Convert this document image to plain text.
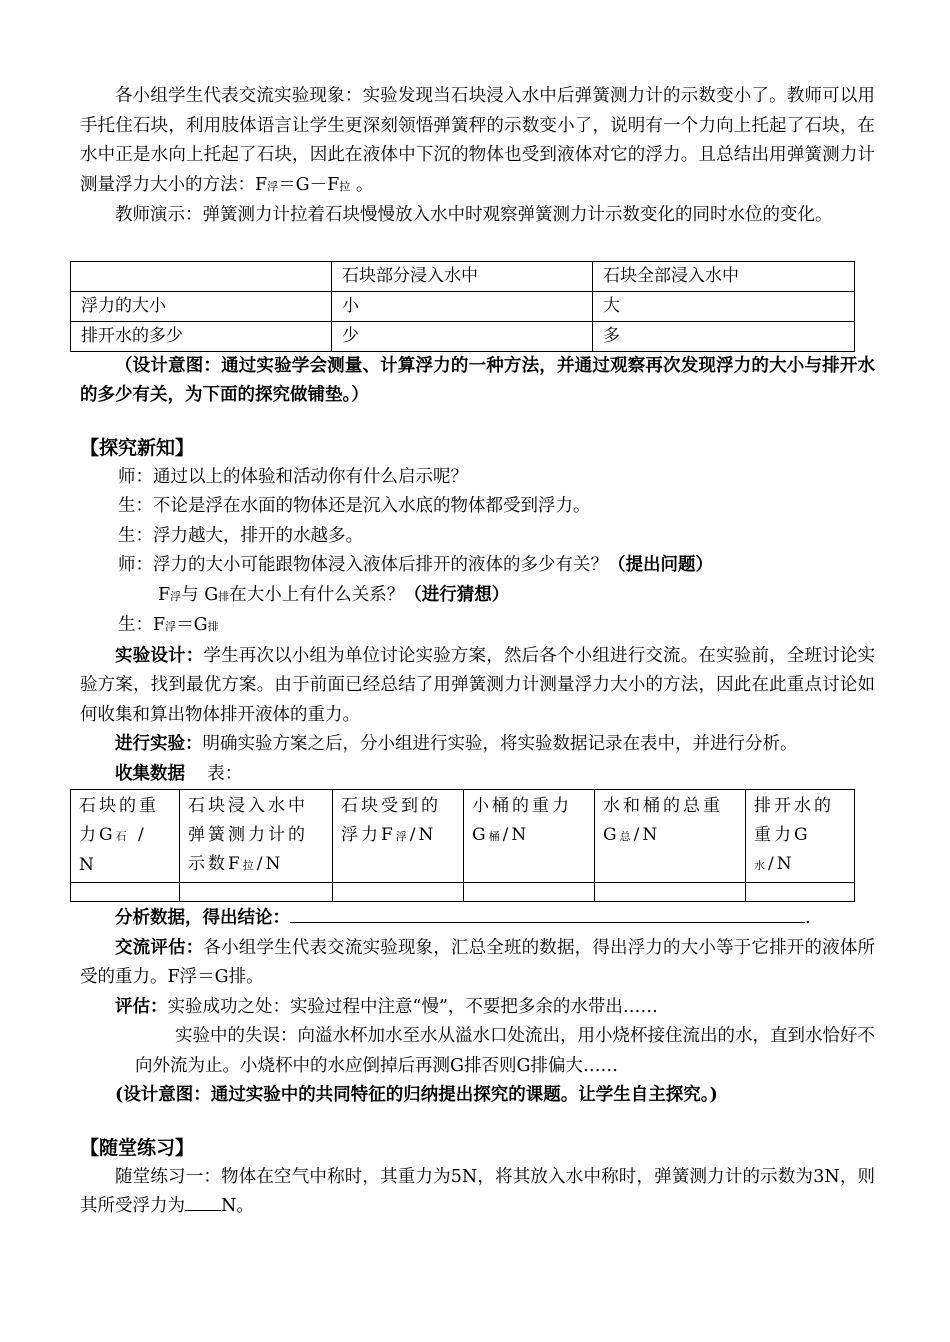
各小组学生代表交流实验现象：实验发现当石块浸入水中后弹簧测力计的示数变小了。教师可以用手托住石块，利用肢体语言让学生更深刻领悟弹簧秤的示数变小了，说明有一个力向上托起了石块，在水中正是水向上托起了石块，因此在液体中下沉的物体也受到液体对它的浮力。且总结出用弹簧测力计测量浮力大小的方法：F浮＝G－F拉 。

教师演示：弹簧测力计拉着石块慢慢放入水中时观察弹簧测力计示数变化的同时水位的变化。

	石块部分浸入水中	石块全部浸入水中
浮力的大小	小	大
排开水的多少	少	多

（设计意图：通过实验学会测量、计算浮力的一种方法，并通过观察再次发现浮力的大小与排开水的多少有关，为下面的探究做铺垫。）

【探究新知】

师：通过以上的体验和活动你有什么启示呢？

生：不论是浮在水面的物体还是沉入水底的物体都受到浮力。

生：浮力越大，排开的水越多。

师：浮力的大小可能跟物体浸入液体后排开的液体的多少有关？（提出问题）

F浮与 G排在大小上有什么关系？（进行猜想）

生：F浮＝G排

实验设计：学生再次以小组为单位讨论实验方案，然后各个小组进行交流。在实验前，全班讨论实验方案，找到最优方案。由于前面已经总结了用弹簧测力计测量浮力大小的方法，因此在此重点讨论如何收集和算出物体排开液体的重力。

进行实验：明确实验方案之后，分小组进行实验，将实验数据记录在表中，并进行分析。

收集数据 表：

石块的重力G石 / N	石块浸入水中弹簧测力计的示数F拉/N	石块受到的浮力F浮/N	小桶的重力G桶/N	水和桶的总重G总/N	排开水的重力G水/N

分析数据，得出结论：	.

交流评估：各小组学生代表交流实验现象，汇总全班的数据，得出浮力的大小等于它排开的液体所受的重力。F浮＝G排。

评估：实验成功之处：实验过程中注意“慢”，不要把多余的水带出……

实验中的失误：向溢水杯加水至水从溢水口处流出，用小烧杯接住流出的水，直到水恰好不向外流为止。小烧杯中的水应倒掉后再测G排否则G排偏大……

(设计意图：通过实验中的共同特征的归纳提出探究的课题。让学生自主探究。)

【随堂练习】

随堂练习一：物体在空气中称时，其重力为5N，将其放入水中称时，弹簧测力计的示数为3N，则其所受浮力为 N。
